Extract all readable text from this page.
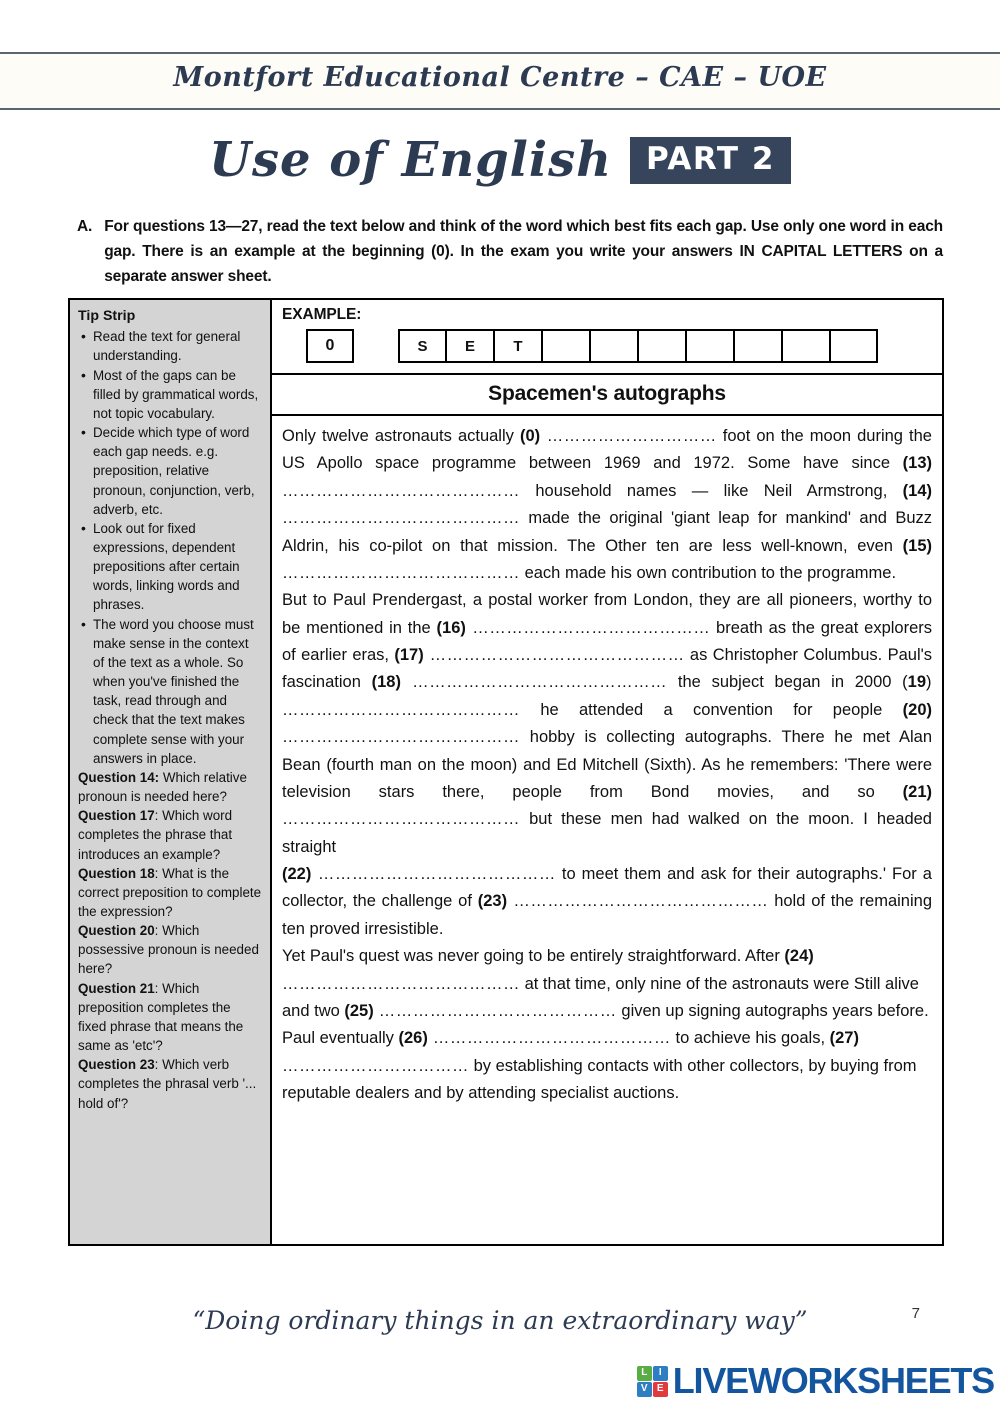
Montfort Educational Centre – CAE – UOE
Use of English	PART 2
A. For questions 13—27, read the text below and think of the word which best fits each gap. Use only one word in each gap. There is an example at the beginning (0). In the exam you write your answers IN CAPITAL LETTERS on a separate answer sheet.
Tip Strip
• Read the text for general understanding.
• Most of the gaps can be filled by grammatical words, not topic vocabulary.
• Decide which type of word each gap needs. e.g. preposition, relative pronoun, conjunction, verb, adverb, etc.
• Look out for fixed expressions, dependent prepositions after certain words, linking words and phrases.
• The word you choose must make sense in the context of the text as a whole. So when you've finished the task, read through and check that the text makes complete sense with your answers in place.
Question 14: Which relative pronoun is needed here?
Question 17: Which word completes the phrase that introduces an example?
Question 18: What is the correct preposition to complete the expression?
Question 20: Which possessive pronoun is needed here?
Question 21: Which preposition completes the fixed phrase that means the same as 'etc'?
Question 23: Which verb completes the phrasal verb '... hold of'?
EXAMPLE:
0	S	E	T
Spacemen's autographs

Only twelve astronauts actually (0) ………………………… foot on the moon during the US Apollo space programme between 1969 and 1972. Some have since (13) …………………………………… household names — like Neil Armstrong, (14) …………………………………… made the original 'giant leap for mankind' and Buzz Aldrin, his co-pilot on that mission. The Other ten are less well-known, even (15) …………………………………… each made his own contribution to the programme.

But to Paul Prendergast, a postal worker from London, they are all pioneers, worthy to be mentioned in the (16) …………………………………… breath as the great explorers of earlier eras, (17) ……………………………………… as Christopher Columbus. Paul's fascination (18) ……………………………………… the subject began in 2000 (19) …………………………………… he attended a convention for people (20) …………………………………… hobby is collecting autographs. There he met Alan Bean (fourth man on the moon) and Ed Mitchell (Sixth). As he remembers: 'There were television stars there, people from Bond movies, and so (21) …………………………………… but these men had walked on the moon. I headed straight

(22) …………………………………… to meet them and ask for their autographs.' For a collector, the challenge of (23) ……………………………………… hold of the remaining ten proved irresistible.

Yet Paul's quest was never going to be entirely straightforward. After (24) …………………………………… at that time, only nine of the astronauts were Still alive and two (25) …………………………………… given up signing autographs years before. Paul eventually (26) …………………………………… to achieve his goals, (27) …………………………… by establishing contacts with other collectors, by buying from reputable dealers and by attending specialist auctions.

“Doing ordinary things in an extraordinary way”	7
L	I
V E LIVEWORKSHEETS
